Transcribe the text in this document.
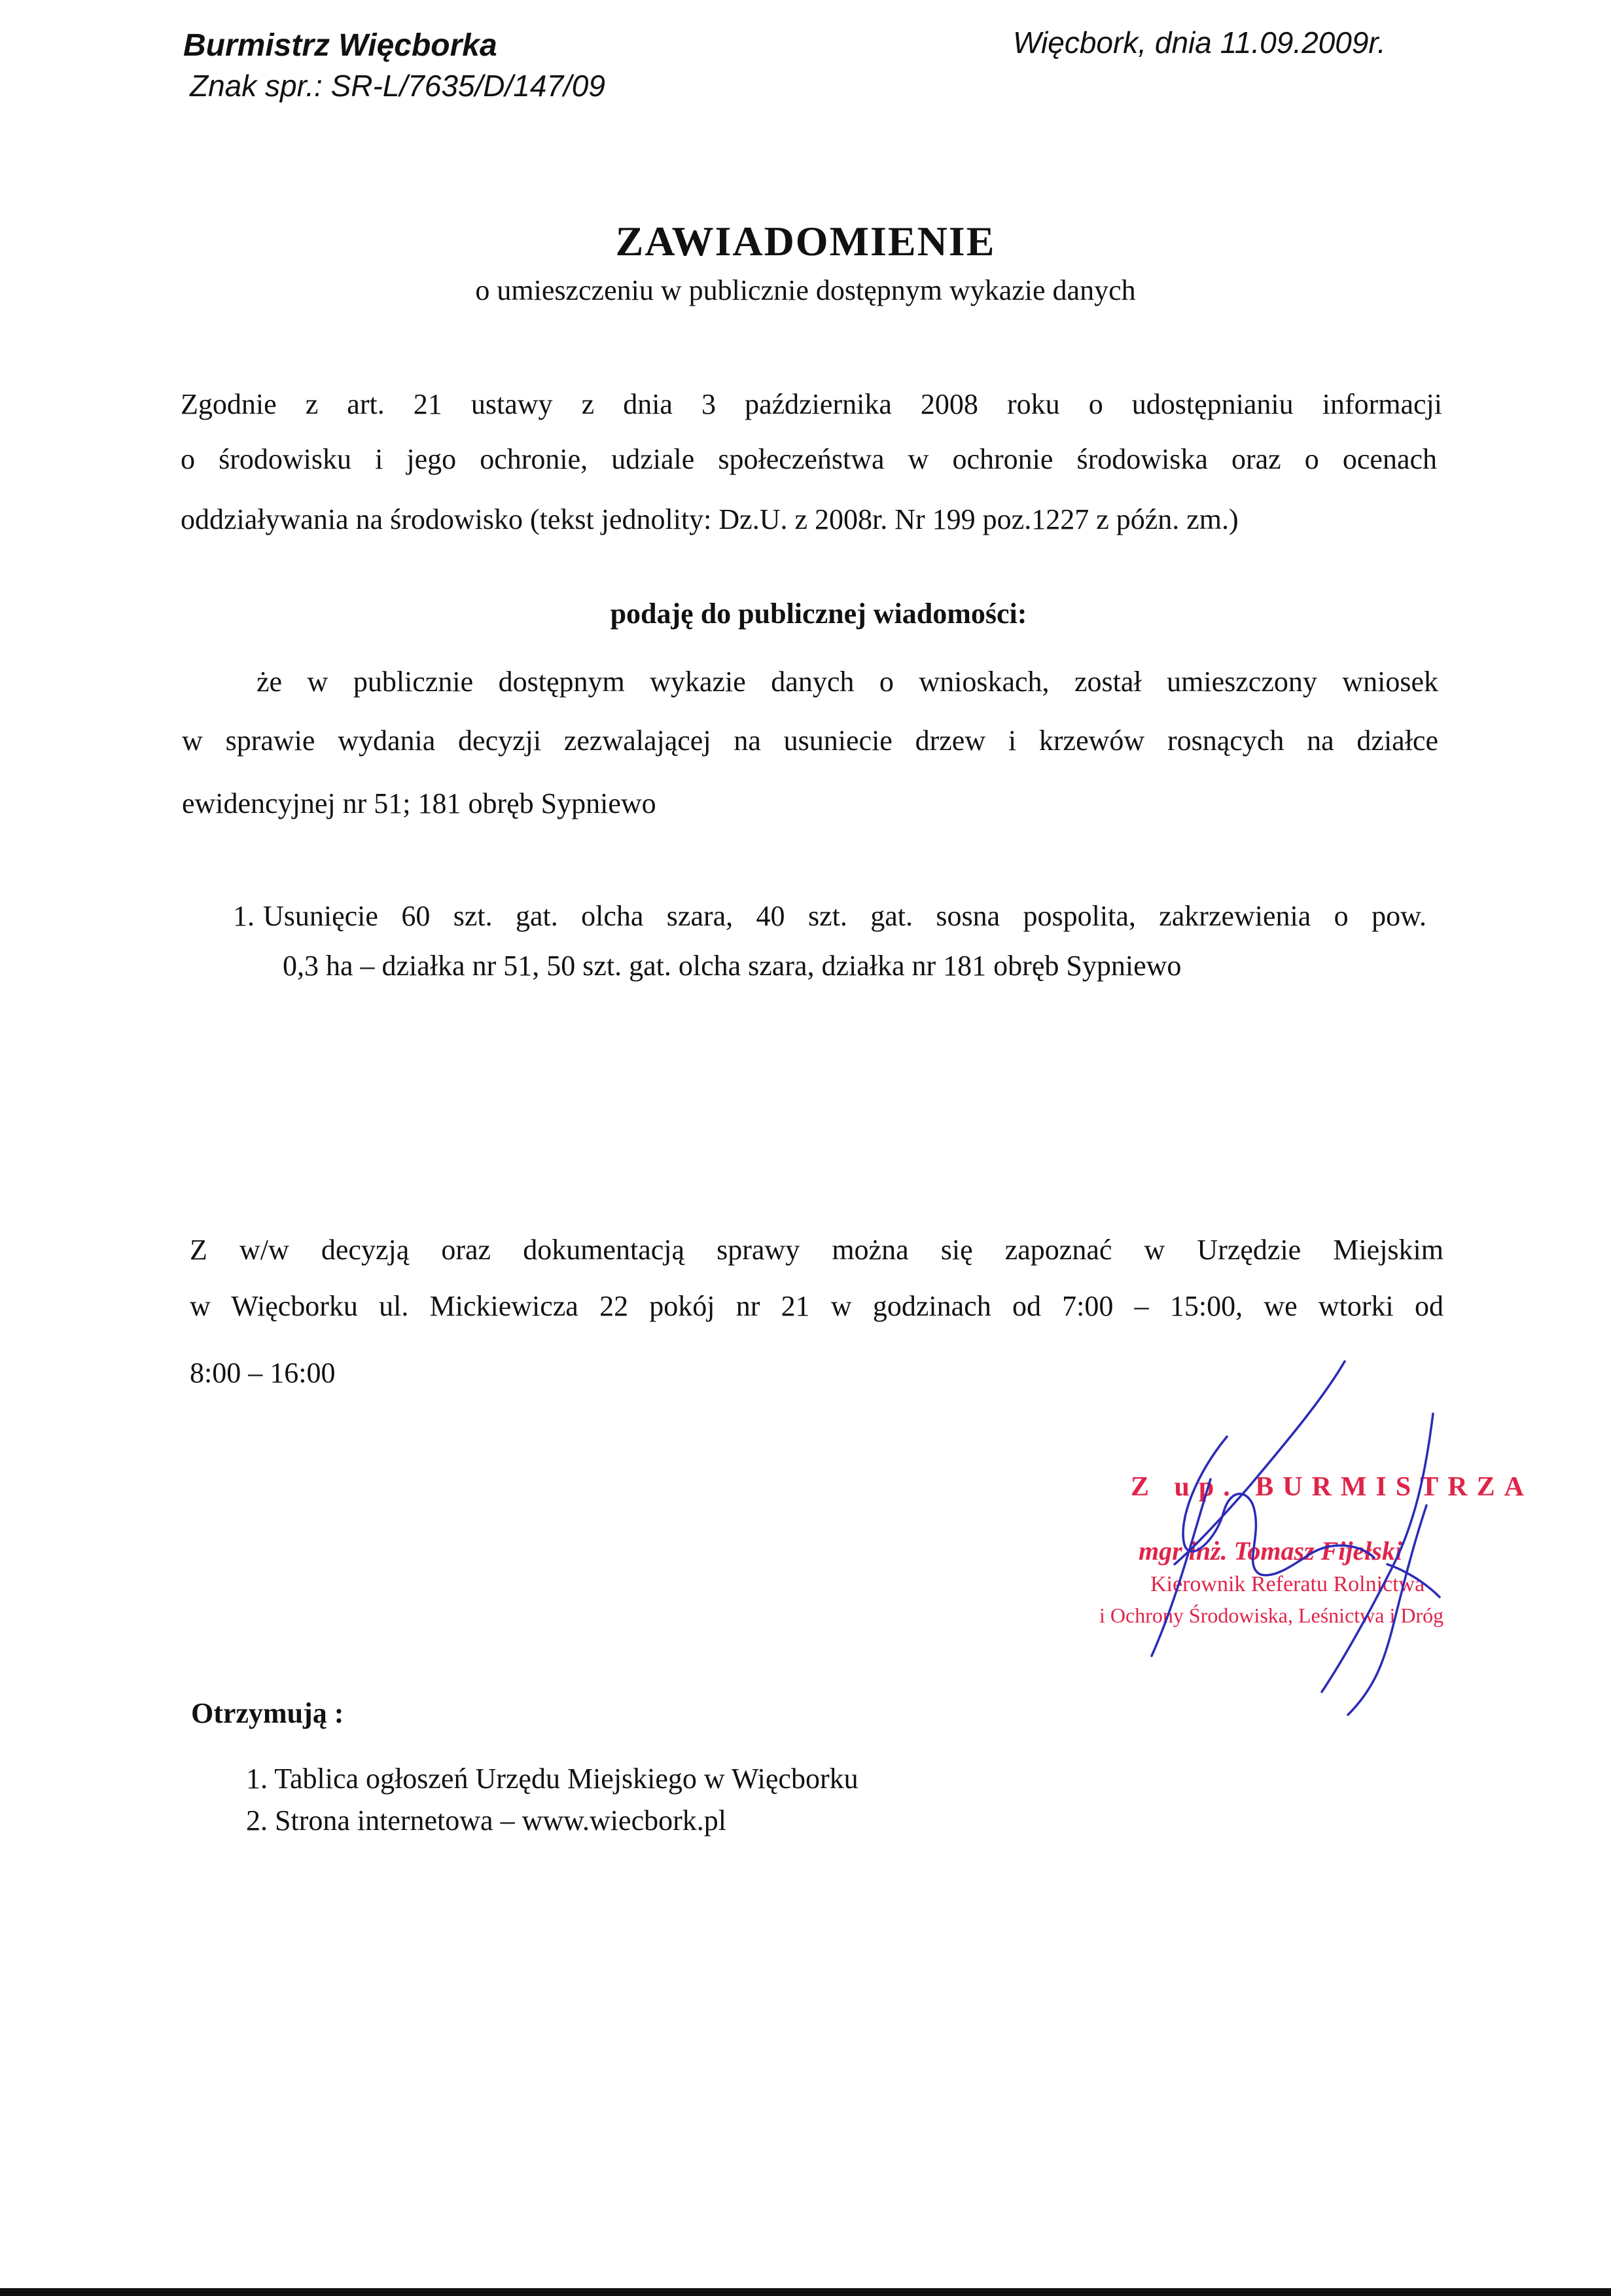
Burmistrz Więcborka
Znak spr.: SR-L/7635/D/147/09
Więcbork, dnia 11.09.2009r.
ZAWIADOMIENIE
o umieszczeniu w publicznie dostępnym wykazie danych
Zgodnie z art. 21 ustawy z dnia 3 października 2008 roku o udostępnianiu informacji
o środowisku i jego ochronie, udziale społeczeństwa w ochronie środowiska oraz o ocenach
oddziaływania na środowisko (tekst jednolity: Dz.U. z 2008r. Nr 199 poz.1227 z późn. zm.)
podaję do publicznej wiadomości:
że w publicznie dostępnym wykazie danych o wnioskach, został umieszczony wniosek
w sprawie wydania decyzji zezwalającej na usuniecie drzew i krzewów rosnących na działce
ewidencyjnej nr 51; 181 obręb Sypniewo
1. Usunięcie 60 szt. gat. olcha szara, 40 szt. gat. sosna pospolita, zakrzewienia o pow.
0,3 ha – działka nr 51, 50 szt. gat. olcha szara, działka nr 181 obręb Sypniewo
Z w/w decyzją oraz dokumentacją sprawy można się zapoznać w Urzędzie Miejskim
w Więcborku ul. Mickiewicza 22 pokój nr 21 w godzinach od 7:00 – 15:00, we wtorki od
8:00 – 16:00
Z up. BURMISTRZA
mgr inż. Tomasz Fijełski
Kierownik Referatu Rolnictwa
i Ochrony Środowiska, Leśnictwa i Dróg
Otrzymują :
1. Tablica ogłoszeń Urzędu Miejskiego w Więcborku
2. Strona internetowa – www.wiecbork.pl
